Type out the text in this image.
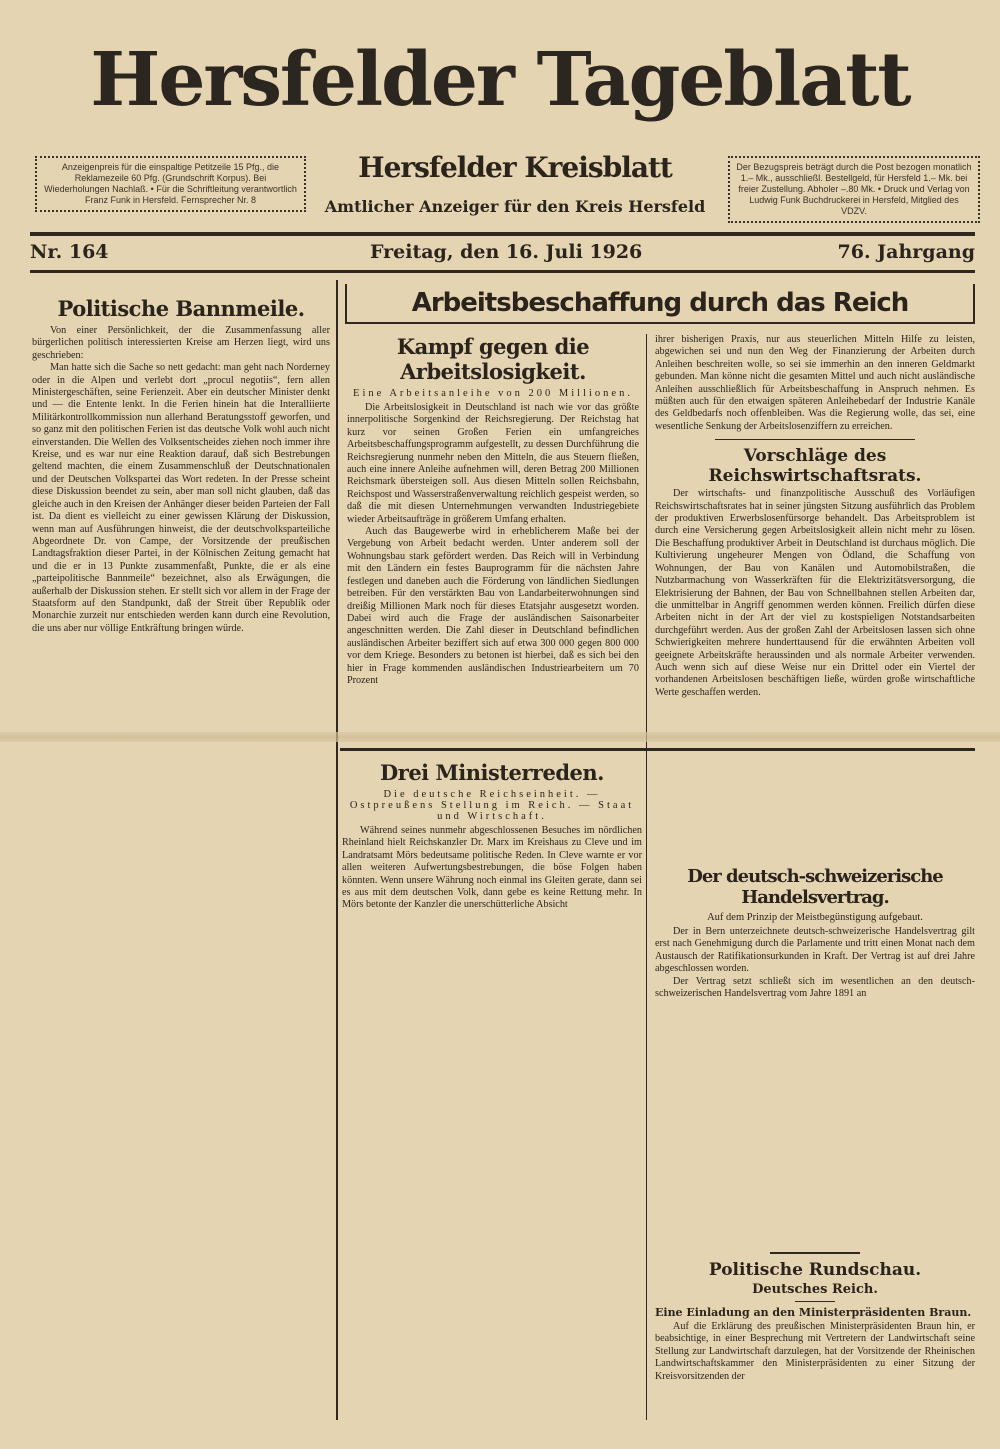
Hersfelder Tageblatt
Anzeigenpreis für die einspaltige Petitzeile 15 Pfg., die Reklamezeile 60 Pfg. (Grundschrift Korpus). Bei Wiederholungen Nachlaß. • Für die Schriftleitung verantwortlich Franz Funk in Hersfeld. Fernsprecher Nr. 8
Der Bezugspreis beträgt durch die Post bezogen monatlich 1.– Mk., ausschließl. Bestellgeld, für Hersfeld 1.– Mk. bei freier Zustellung. Abholer –.80 Mk. • Druck und Verlag von Ludwig Funk Buchdruckerei in Hersfeld, Mitglied des VDZV.
Hersfelder Kreisblatt
Amtlicher Anzeiger für den Kreis Hersfeld
Nr. 164	Freitag, den 16. Juli 1926	76. Jahrgang
Politische Bannmeile.

Von einer Persönlichkeit, der die Zusammenfassung aller bürgerlichen politisch interessierten Kreise am Herzen liegt, wird uns geschrieben:

Man hatte sich die Sache so nett gedacht: man geht nach Norderney oder in die Alpen und verlebt dort „procul negotiis“, fern allen Ministergeschäften, seine Ferienzeit. Aber ein deutscher Minister denkt und — die Entente lenkt. In die Ferien hinein hat die Interalliierte Militärkontrollkommission nun allerhand Beratungsstoff geworfen, und so ganz mit den politischen Ferien ist das deutsche Volk wohl auch nicht einverstanden. Die Wellen des Volksentscheides ziehen noch immer ihre Kreise, und es war nur eine Reaktion darauf, daß sich Bestrebungen geltend machten, die einem Zusammenschluß der Deutschnationalen und der Deutschen Volkspartei das Wort redeten. In der Presse scheint diese Diskussion beendet zu sein, aber man soll nicht glauben, daß das gleiche auch in den Kreisen der Anhänger dieser beiden Parteien der Fall ist. Da dient es vielleicht zu einer gewissen Klärung der Diskussion, wenn man auf Ausführungen hinweist, die der deutschvolksparteiliche Abgeordnete Dr. von Campe, der Vorsitzende der preußischen Landtagsfraktion dieser Partei, in der Kölnischen Zeitung gemacht hat und die er in 13 Punkte zusammenfaßt, Punkte, die er als eine „parteipolitische Bannmeile“ bezeichnet, also als Erwägungen, die außerhalb der Diskussion stehen. Er stellt sich vor allem in der Frage der Staatsform auf den Standpunkt, daß der Streit über Republik oder Monarchie zurzeit nur entschieden werden kann durch eine Revolution, die uns aber nur völlige Entkräftung bringen würde.

Arbeitsbeschaffung durch das Reich
Kampf gegen die Arbeitslosigkeit.
Eine Arbeitsanleihe von 200 Millionen.

Die Arbeitslosigkeit in Deutschland ist nach wie vor das größte innerpolitische Sorgenkind der Reichsregierung. Der Reichstag hat kurz vor seinen Großen Ferien ein umfangreiches Arbeitsbeschaffungsprogramm aufgestellt, zu dessen Durchführung die Reichsregierung nunmehr neben den Mitteln, die aus Steuern fließen, auch eine innere Anleihe aufnehmen will, deren Betrag 200 Millionen Reichsmark übersteigen soll. Aus diesen Mitteln sollen Reichsbahn, Reichspost und Wasserstraßenverwaltung reichlich gespeist werden, so daß die mit diesen Unternehmungen verwandten Industriegebiete wieder Arbeitsaufträge in größerem Umfang erhalten.

Auch das Baugewerbe wird in erheblicherem Maße bei der Vergebung von Arbeit bedacht werden. Unter anderem soll der Wohnungsbau stark gefördert werden. Das Reich will in Verbindung mit den Ländern ein festes Bauprogramm für die nächsten Jahre festlegen und daneben auch die Förderung von ländlichen Siedlungen betreiben. Für den verstärkten Bau von Landarbeiterwohnungen sind dreißig Millionen Mark noch für dieses Etatsjahr ausgesetzt worden. Dabei wird auch die Frage der ausländischen Saisonarbeiter angeschnitten werden. Die Zahl dieser in Deutschland befindlichen ausländischen Arbeiter beziffert sich auf etwa 300 000 gegen 800 000 vor dem Kriege. Besonders zu betonen ist hierbei, daß es sich bei den hier in Frage kommenden ausländischen Industriearbeitern um 70 Prozent

ihrer bisherigen Praxis, nur aus steuerlichen Mitteln Hilfe zu leisten, abgewichen sei und nun den Weg der Finanzierung der Arbeiten durch Anleihen beschreiten wolle, so sei sie immerhin an den inneren Geldmarkt gebunden. Man könne nicht die gesamten Mittel und auch nicht ausländische Anleihen ausschließlich für Arbeitsbeschaffung in Anspruch nehmen. Es müßten auch für den etwaigen späteren Anleihebedarf der Industrie Kanäle des Geldbedarfs noch offenbleiben. Was die Regierung wolle, das sei, eine wesentliche Senkung der Arbeitslosenziffern zu erreichen.

Vorschläge des Reichswirtschaftsrats.

Der wirtschafts- und finanzpolitische Ausschuß des Vorläufigen Reichswirtschaftsrates hat in seiner jüngsten Sitzung ausführlich das Problem der produktiven Erwerbslosenfürsorge behandelt. Das Arbeitsproblem ist durch eine Versicherung gegen Arbeitslosigkeit allein nicht mehr zu lösen. Die Beschaffung produktiver Arbeit in Deutschland ist durchaus möglich. Die Kultivierung ungeheurer Mengen von Ödland, die Schaffung von Wohnungen, der Bau von Kanälen und Automobilstraßen, die Nutzbarmachung von Wasserkräften für die Elektrizitätsversorgung, die Elektrisierung der Bahnen, der Bau von Schnellbahnen stellen Arbeiten dar, die unmittelbar in Angriff genommen werden können. Freilich dürfen diese Arbeiten nicht in der Art der viel zu kostspieligen Notstandsarbeiten durchgeführt werden. Aus der großen Zahl der Arbeitslosen lassen sich ohne Schwierigkeiten mehrere hunderttausend für die erwähnten Arbeiten voll geeignete Arbeitskräfte heraussinden und als normale Arbeiter verwenden. Auch wenn sich auf diese Weise nur ein Drittel oder ein Viertel der vorhandenen Arbeitslosen beschäftigen ließe, würden große wirtschaftliche Werte geschaffen werden.

Drei Ministerreden.
Die deutsche Reichseinheit. — Ostpreußens Stellung im Reich. — Staat und Wirtschaft.

Während seines nunmehr abgeschlossenen Besuches im nördlichen Rheinland hielt Reichskanzler Dr. Marx im Kreishaus zu Cleve und im Landratsamt Mörs bedeutsame politische Reden. In Cleve warnte er vor allen weiteren Aufwertungsbestrebungen, die böse Folgen haben könnten. Wenn unsere Währung noch einmal ins Gleiten gerate, dann sei es aus mit dem deutschen Volk, dann gebe es keine Rettung mehr. In Mörs betonte der Kanzler die unerschütterliche Absicht

Der deutsch-schweizerische Handelsvertrag.
Auf dem Prinzip der Meistbegünstigung aufgebaut.

Der in Bern unterzeichnete deutsch-schweizerische Handelsvertrag gilt erst nach Genehmigung durch die Parlamente und tritt einen Monat nach dem Austausch der Ratifikationsurkunden in Kraft. Der Vertrag ist auf drei Jahre abgeschlossen worden.

Der Vertrag setzt schließt sich im wesentlichen an den deutsch-schweizerischen Handelsvertrag vom Jahre 1891 an

Politische Rundschau.
Deutsches Reich.
Eine Einladung an den Ministerpräsidenten Braun.

Auf die Erklärung des preußischen Ministerpräsidenten Braun hin, er beabsichtige, in einer Besprechung mit Vertretern der Landwirtschaft seine Stellung zur Landwirtschaft darzulegen, hat der Vorsitzende der Rheinischen Landwirtschaftskammer den Ministerpräsidenten zu einer Sitzung der Kreisvorsitzenden der
